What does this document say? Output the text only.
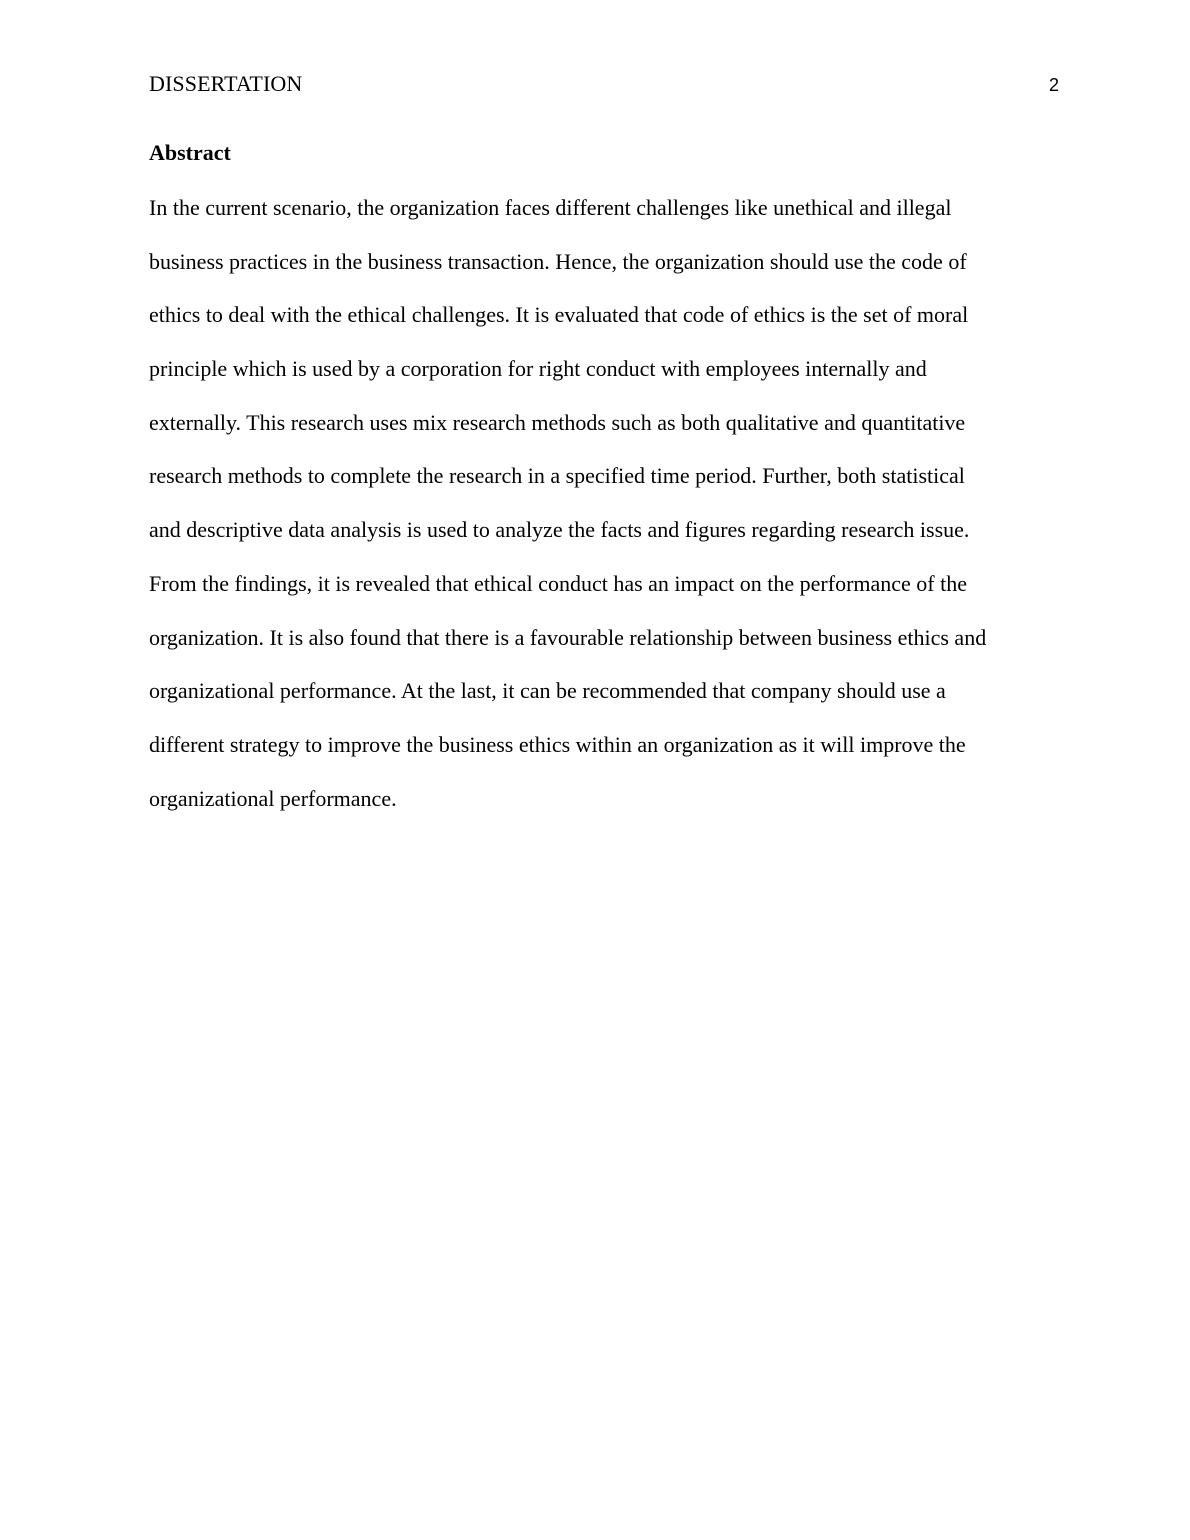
DISSERTATION	2
Abstract
In the current scenario, the organization faces different challenges like unethical and illegal
business practices in the business transaction. Hence, the organization should use the code of
ethics to deal with the ethical challenges. It is evaluated that code of ethics is the set of moral
principle which is used by a corporation for right conduct with employees internally and
externally. This research uses mix research methods such as both qualitative and quantitative
research methods to complete the research in a specified time period. Further, both statistical
and descriptive data analysis is used to analyze the facts and figures regarding research issue.
From the findings, it is revealed that ethical conduct has an impact on the performance of the
organization. It is also found that there is a favourable relationship between business ethics and
organizational performance. At the last, it can be recommended that company should use a
different strategy to improve the business ethics within an organization as it will improve the
organizational performance.
